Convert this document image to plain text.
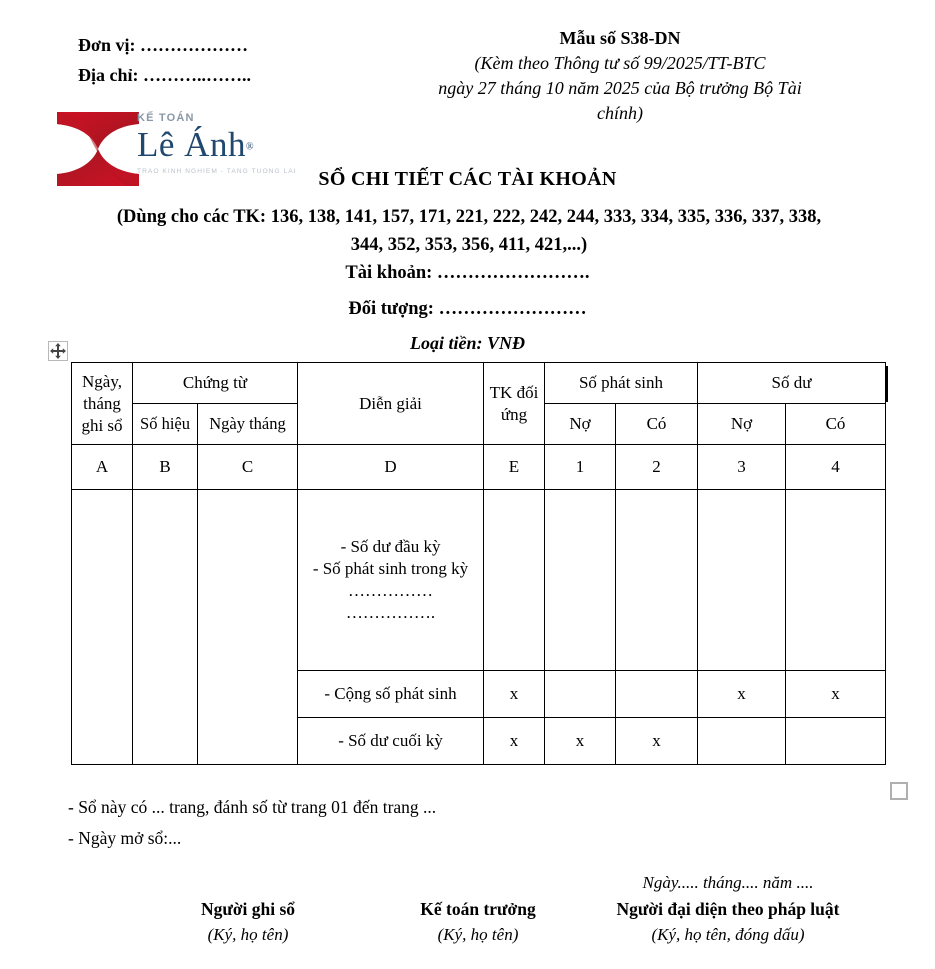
Đơn vị: ………………
Địa chỉ: ………..……..
KẾ TOÁN
Lê Ánh®
TRAO KINH NGHIEM - TANG TUONG LAI
Mẫu số S38-DN
(Kèm theo Thông tư số 99/2025/TT-BTC
ngày 27 tháng 10 năm 2025 của Bộ trưởng Bộ Tài
chính)
SỔ CHI TIẾT CÁC TÀI KHOẢN
(Dùng cho các TK: 136, 138, 141, 157, 171, 221, 222, 242, 244, 333, 334, 335, 336, 337, 338,
344, 352, 353, 356, 411, 421,...)
Tài khoản: …………………….
Đối tượng: ……………………
Loại tiền: VNĐ
Ngày, tháng ghi sổ	Chứng từ		Diễn giải	TK đối ứng	Số phát sinh		Số dư	
	Số hiệu	Ngày tháng			Nợ	Có	Nợ	Có
A	B	C	D	E	1	2	3	4

			- Số dư đầu kỳ
- Số phát sinh trong kỳ
……………
…………….					

			- Cộng số phát sinh	x			x	x
			- Số dư cuối kỳ	x	x	x		
- Sổ này có ... trang, đánh số từ trang 01 đến trang ...
- Ngày mở sổ:...
Người ghi sổ
(Ký, họ tên)
Kế toán trưởng
(Ký, họ tên)
Ngày..... tháng.... năm ....
Người đại diện theo pháp luật
(Ký, họ tên, đóng dấu)
